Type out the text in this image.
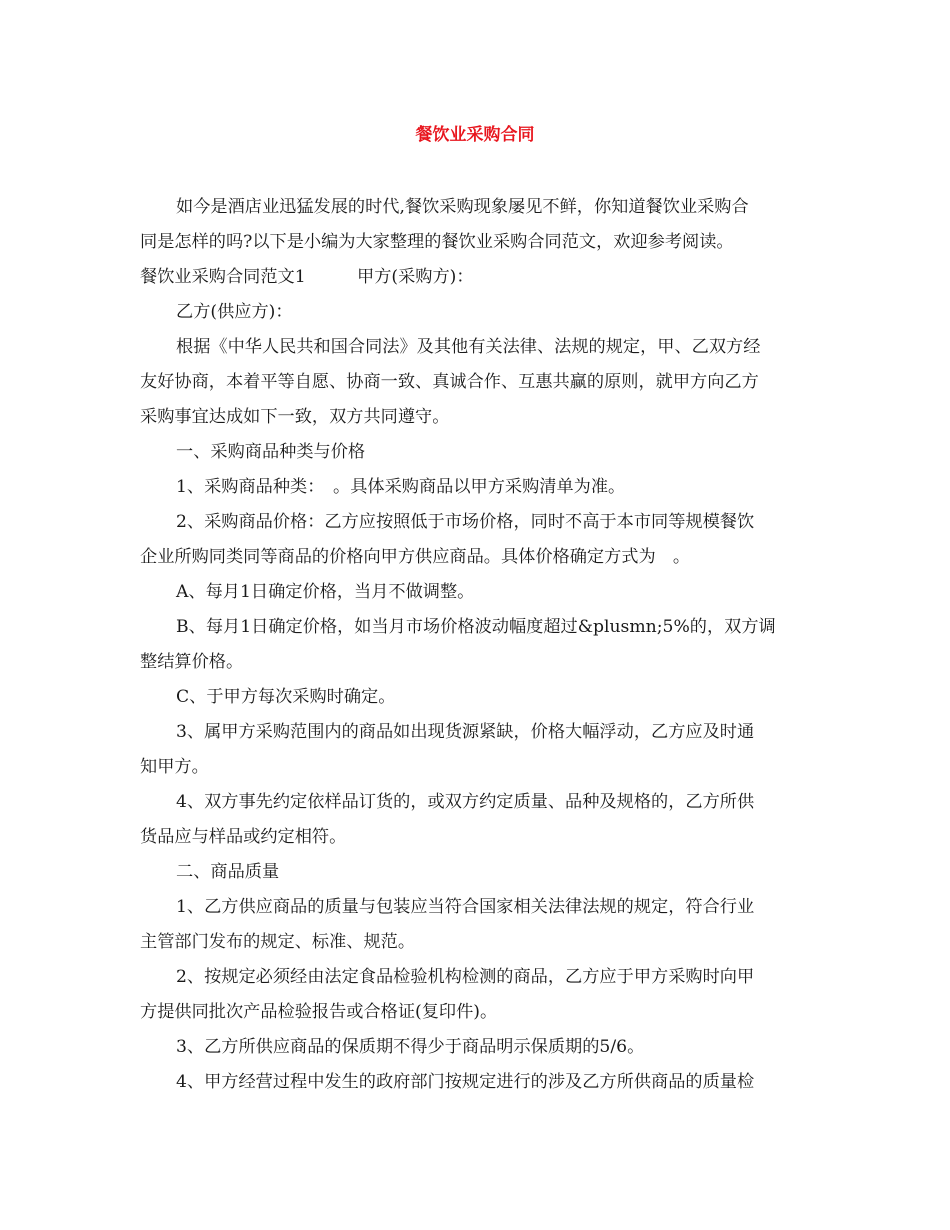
餐饮业采购合同
如今是酒店业迅猛发展的时代,餐饮采购现象屡见不鲜，你知道餐饮业采购合
同是怎样的吗?以下是小编为大家整理的餐饮业采购合同范文，欢迎参考阅读。
餐饮业采购合同范文1	甲方(采购方)：
乙方(供应方)：
根据《中华人民共和国合同法》及其他有关法律、法规的规定，甲、乙双方经
友好协商，本着平等自愿、协商一致、真诚合作、互惠共赢的原则，就甲方向乙方
采购事宜达成如下一致，双方共同遵守。
一、采购商品种类与价格
1、采购商品种类：　。具体采购商品以甲方采购清单为准。
2、采购商品价格：乙方应按照低于市场价格，同时不高于本市同等规模餐饮
企业所购同类同等商品的价格向甲方供应商品。具体价格确定方式为　。
A、每月1日确定价格，当月不做调整。
B、每月1日确定价格，如当月市场价格波动幅度超过&plusmn;5%的，双方调
整结算价格。
C、于甲方每次采购时确定。
3、属甲方采购范围内的商品如出现货源紧缺，价格大幅浮动，乙方应及时通
知甲方。
4、双方事先约定依样品订货的，或双方约定质量、品种及规格的，乙方所供
货品应与样品或约定相符。
二、商品质量
1、乙方供应商品的质量与包装应当符合国家相关法律法规的规定，符合行业
主管部门发布的规定、标准、规范。
2、按规定必须经由法定食品检验机构检测的商品，乙方应于甲方采购时向甲
方提供同批次产品检验报告或合格证(复印件)。
3、乙方所供应商品的保质期不得少于商品明示保质期的5/6。
4、甲方经营过程中发生的政府部门按规定进行的涉及乙方所供商品的质量检
